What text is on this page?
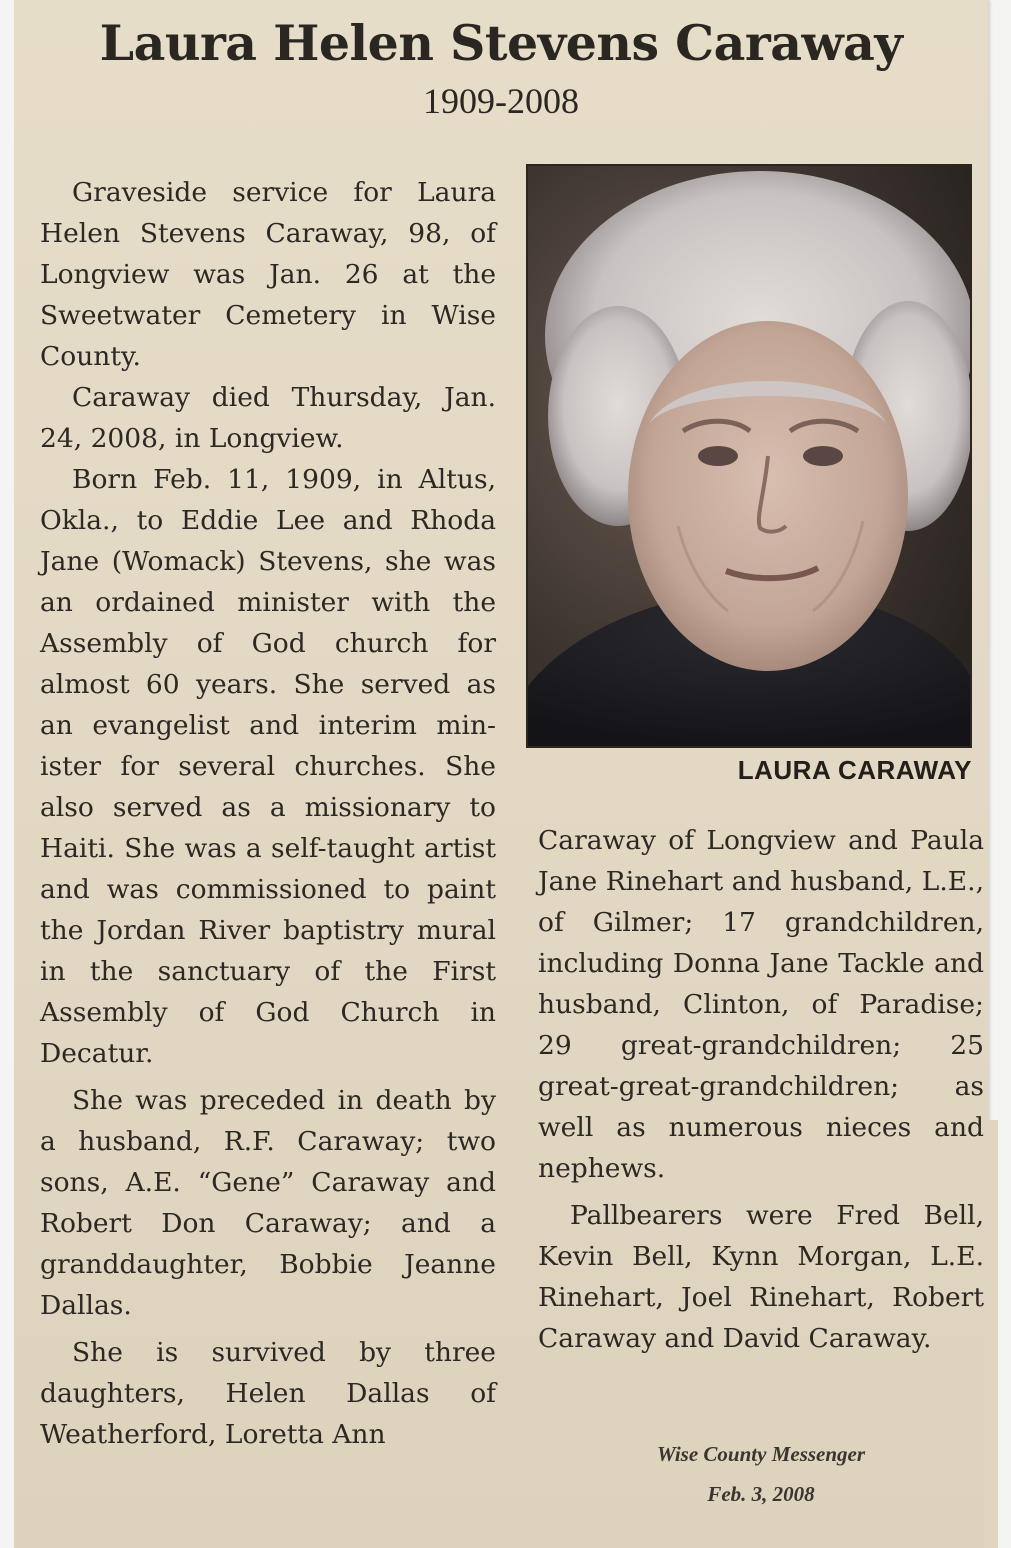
Laura Helen Stevens Caraway
1909-2008

Graveside service for Laura Helen Stevens Caraway, 98, of Longview was Jan. 26 at the Sweetwater Cemetery in Wise County.

Caraway died Thursday, Jan. 24, 2008, in Longview.

Born Feb. 11, 1909, in Altus, Okla., to Eddie Lee and Rhoda Jane (Womack) Stevens, she was an ordained minister with the Assembly of God church for almost 60 years. She served as an evangelist and interim minister for several churches. She also served as a missionary to Haiti. She was a self-taught artist and was commissioned to paint the Jordan River baptistry mural in the sanctuary of the First Assembly of God Church in Decatur.

She was preceded in death by a husband, R.F. Caraway; two sons, A.E. “Gene” Caraway and Robert Don Caraway; and a granddaughter, Bobbie Jeanne Dallas.

She is survived by three daughters, Helen Dallas of Weatherford, Loretta Ann

LAURA CARAWAY

Caraway of Longview and Paula Jane Rinehart and husband, L.E., of Gilmer; 17 grandchildren, including Donna Jane Tackle and husband, Clinton, of Paradise; 29 great-grandchildren; 25 great-great-grandchildren; as well as numerous nieces and nephews.

Pallbearers were Fred Bell, Kevin Bell, Kynn Morgan, L.E. Rinehart, Joel Rinehart, Robert Caraway and David Caraway.

Wise County Messenger
Feb. 3, 2008
